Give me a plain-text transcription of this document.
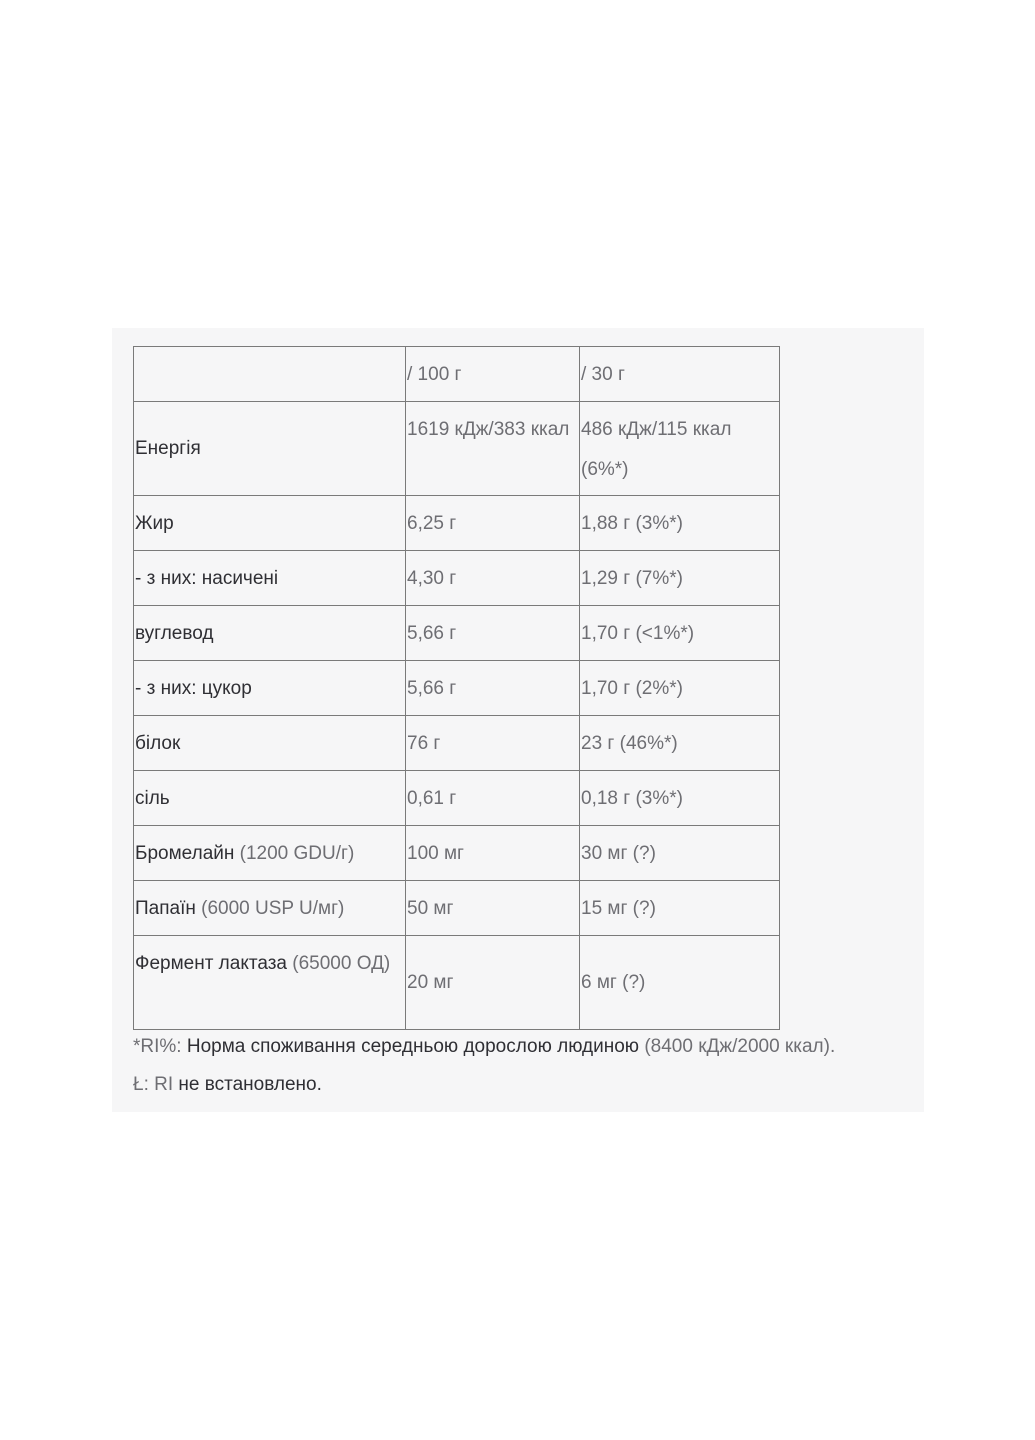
	/ 100 г	/ 30 г
Енергія	1619 кДж/383 ккал	486 кДж/115 ккал (6%*)
Жир	6,25 г	1,88 г (3%*)
- з них: насичені	4,30 г	1,29 г (7%*)
вуглевод	5,66 г	1,70 г (<1%*)
- з них: цукор	5,66 г	1,70 г (2%*)
білок	76 г	23 г (46%*)
сіль	0,61 г	0,18 г (3%*)
Бромелайн (1200 GDU/г)	100 мг	30 мг (?)
Папаїн (6000 USP U/мг)	50 мг	15 мг (?)
Фермент лактаза (65000 ОД)	20 мг	6 мг (?)
*RI%: Норма споживання середньою дорослою людиною (8400 кДж/2000 ккал).
Ł: RI не встановлено.
